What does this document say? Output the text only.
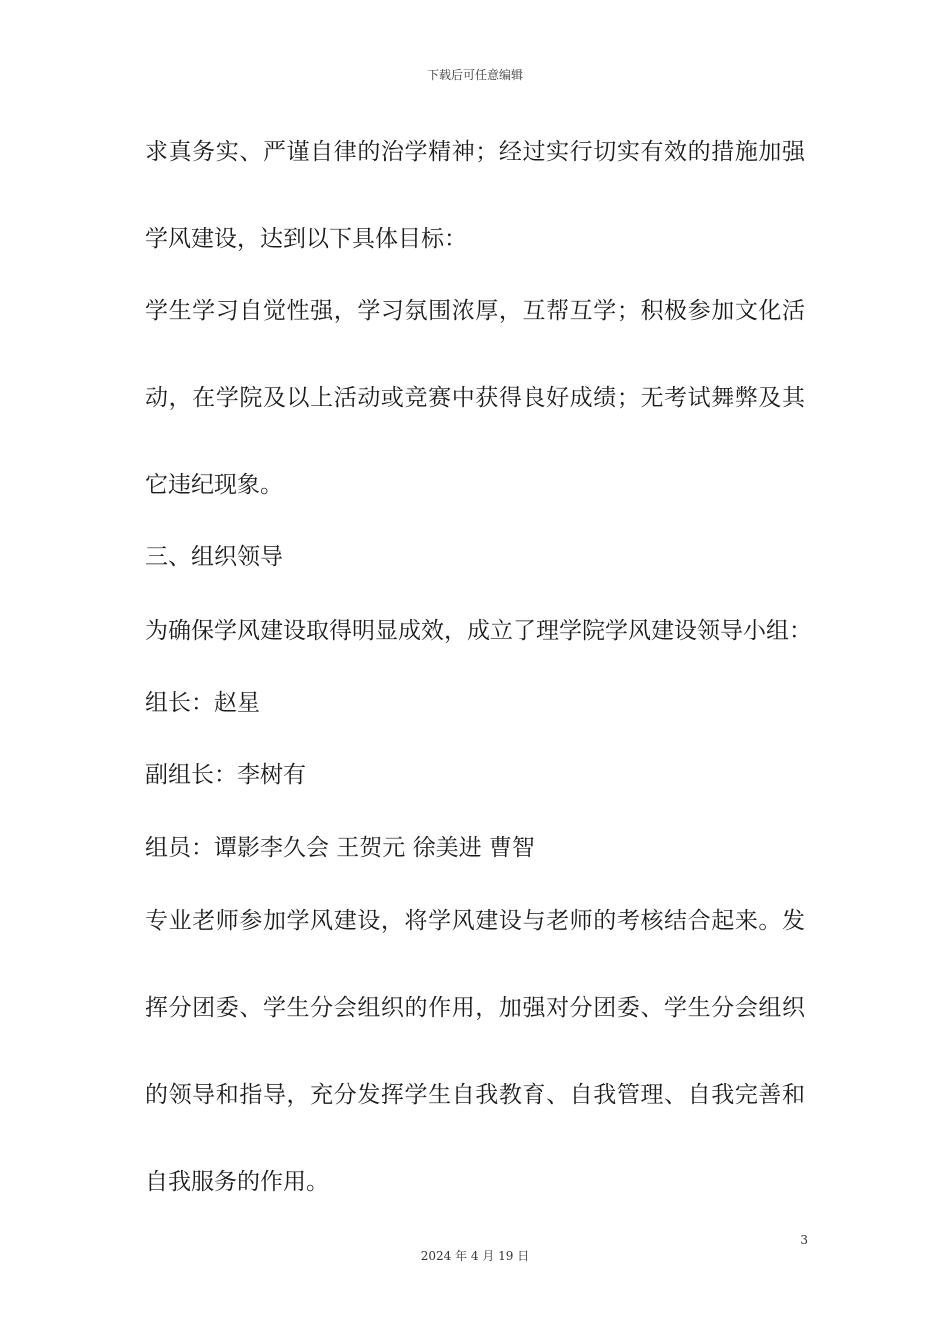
下载后可任意编辑
求真务实、严谨自律的治学精神；经过实行切实有效的措施加强
学风建设，达到以下具体目标：
学生学习自觉性强，学习氛围浓厚，互帮互学；积极参加文化活
动，在学院及以上活动或竞赛中获得良好成绩；无考试舞弊及其
它违纪现象。
三、组织领导
为确保学风建设取得明显成效，成立了理学院学风建设领导小组：
组长：赵星
副组长：李树有
组员：谭影李久会 王贺元 徐美进 曹智
专业老师参加学风建设，将学风建设与老师的考核结合起来。发
挥分团委、学生分会组织的作用，加强对分团委、学生分会组织
的领导和指导，充分发挥学生自我教育、自我管理、自我完善和
自我服务的作用。
3
2024 年 4 月 19 日
